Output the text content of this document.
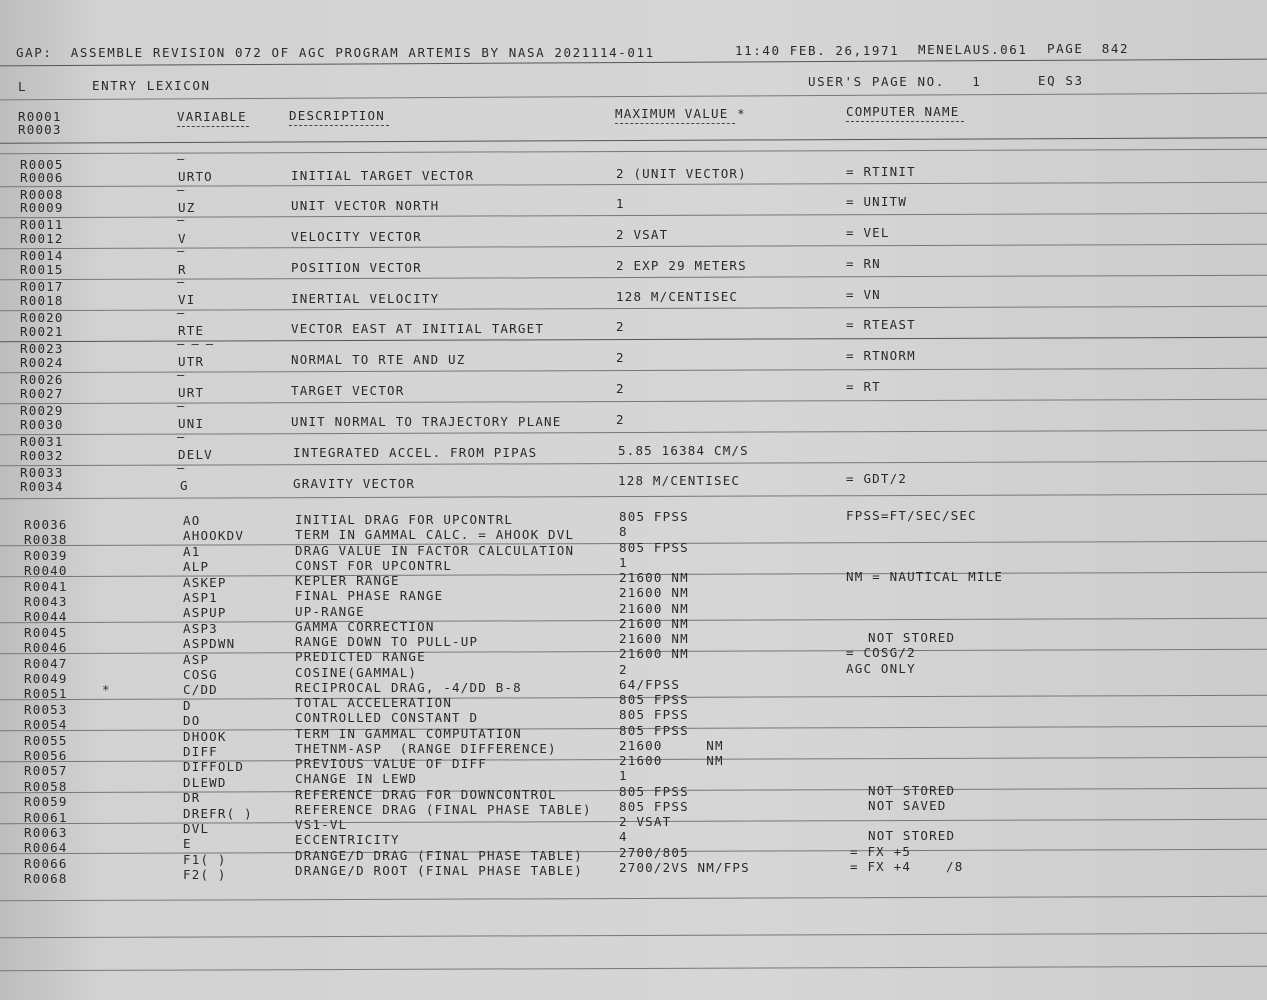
GAP:  ASSEMBLE REVISION 072 OF AGC PROGRAM ARTEMIS BY NASA 2021114-011	11:40 FEB. 26,1971 MENELAUS.061 PAGE  842
L	ENTRY LEXICON	USER'S PAGE NO.   1	EQ S3
R0001
R0003
VARIABLE	DESCRIPTION	MAXIMUM VALUE *	COMPUTER NAME
R0005	–
R0006	URTO	INITIAL TARGET VECTOR	2 (UNIT VECTOR)	= RTINIT
R0008	–
R0009	UZ	UNIT VECTOR NORTH	1	= UNITW
R0011	–
R0012	V	VELOCITY VECTOR	2 VSAT	= VEL
R0014	–
R0015	R	POSITION VECTOR	2 EXP 29 METERS	= RN
R0017	–
R0018	VI	INERTIAL VELOCITY	128 M/CENTISEC	= VN
R0020	–
R0021	RTE	VECTOR EAST AT INITIAL TARGET	2	= RTEAST
R0023	– – –
R0024	UTR	NORMAL TO RTE AND UZ	2	= RTNORM
R0026	–
R0027	URT	TARGET VECTOR	2	= RT
R0029	–
R0030	UNI	UNIT NORMAL TO TRAJECTORY PLANE	2
R0031	–
R0032	DELV	INTEGRATED ACCEL. FROM PIPAS	5.85 16384 CM/S
R0033	–
R0034	G	GRAVITY VECTOR	128 M/CENTISEC	= GDT/2
R0036	AO	INITIAL DRAG FOR UPCONTRL	805 FPSS	FPSS=FT/SEC/SEC
R0038	AHOOKDV	TERM IN GAMMAL CALC. = AHOOK DVL	8
R0039	A1	DRAG VALUE IN FACTOR CALCULATION	805 FPSS
R0040	ALP	CONST FOR UPCONTRL	1
R0041	ASKEP	KEPLER RANGE	21600 NM	NM = NAUTICAL MILE
R0043	ASP1	FINAL PHASE RANGE	21600 NM
R0044	ASPUP	UP-RANGE	21600 NM
R0045	ASP3	GAMMA CORRECTION	21600 NM
R0046	ASPDWN	RANGE DOWN TO PULL-UP	21600 NM	NOT STORED
R0047	ASP	PREDICTED RANGE	21600 NM	= COSG/2
R0049	COSG	COSINE(GAMMAL)	2	AGC ONLY
*
R0051	C/DD	RECIPROCAL DRAG, -4/DD B-8	64/FPSS
R0053	D	TOTAL ACCELERATION	805 FPSS
R0054	DO	CONTROLLED CONSTANT D	805 FPSS
R0055	DHOOK	TERM IN GAMMAL COMPUTATION	805 FPSS
R0056	DIFF	THETNM-ASP  (RANGE DIFFERENCE)	21600     NM
R0057	DIFFOLD	PREVIOUS VALUE OF DIFF	21600     NM
R0058	DLEWD	CHANGE IN LEWD	1
R0059	DR	REFERENCE DRAG FOR DOWNCONTROL	805 FPSS	NOT STORED
R0061	DREFR( )	REFERENCE DRAG (FINAL PHASE TABLE) 805 FPSS	NOT SAVED
R0063	DVL	VS1-VL	2 VSAT
R0064	E	ECCENTRICITY	4	NOT STORED
R0066	F1( )	DRANGE/D DRAG (FINAL PHASE TABLE)	2700/805	= FX +5
R0068	F2( )	DRANGE/D ROOT (FINAL PHASE TABLE)	2700/2VS NM/FPS	= FX +4    /8
